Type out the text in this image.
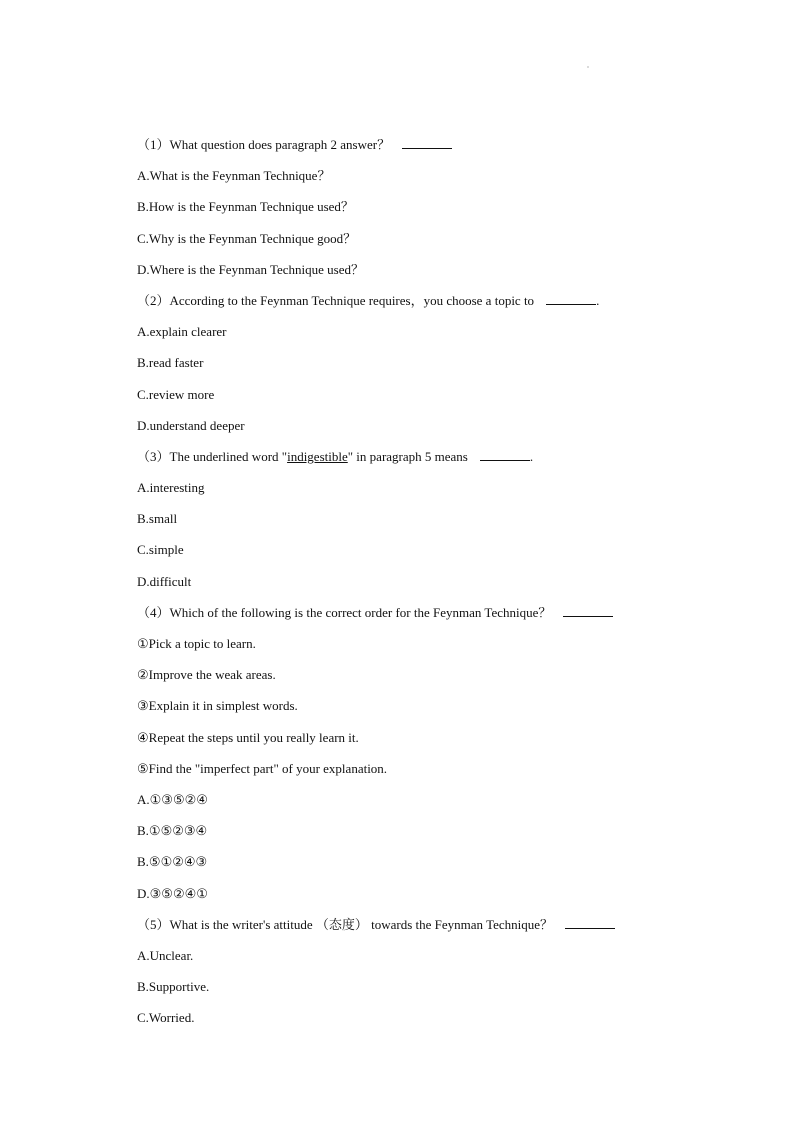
（1）What question does paragraph 2 answer？
A.What is the Feynman Technique？
B.How is the Feynman Technique used？
C.Why is the Feynman Technique good？
D.Where is the Feynman Technique used？
（2）According to the Feynman Technique requires，you choose a topic to	.
A.explain clearer
B.read faster
C.review more
D.understand deeper
（3）The underlined word "indigestible" in paragraph 5 means	.
A.interesting
B.small
C.simple
D.difficult
（4）Which of the following is the correct order for the Feynman Technique？
①Pick a topic to learn.
②Improve the weak areas.
③Explain it in simplest words.
④Repeat the steps until you really learn it.
⑤Find the "imperfect part" of your explanation.
A.①③⑤②④
B.①⑤②③④
B.⑤①②④③
D.③⑤②④①
（5）What is the writer's attitude （态度） towards the Feynman Technique？
A.Unclear.
B.Supportive.
C.Worried.
